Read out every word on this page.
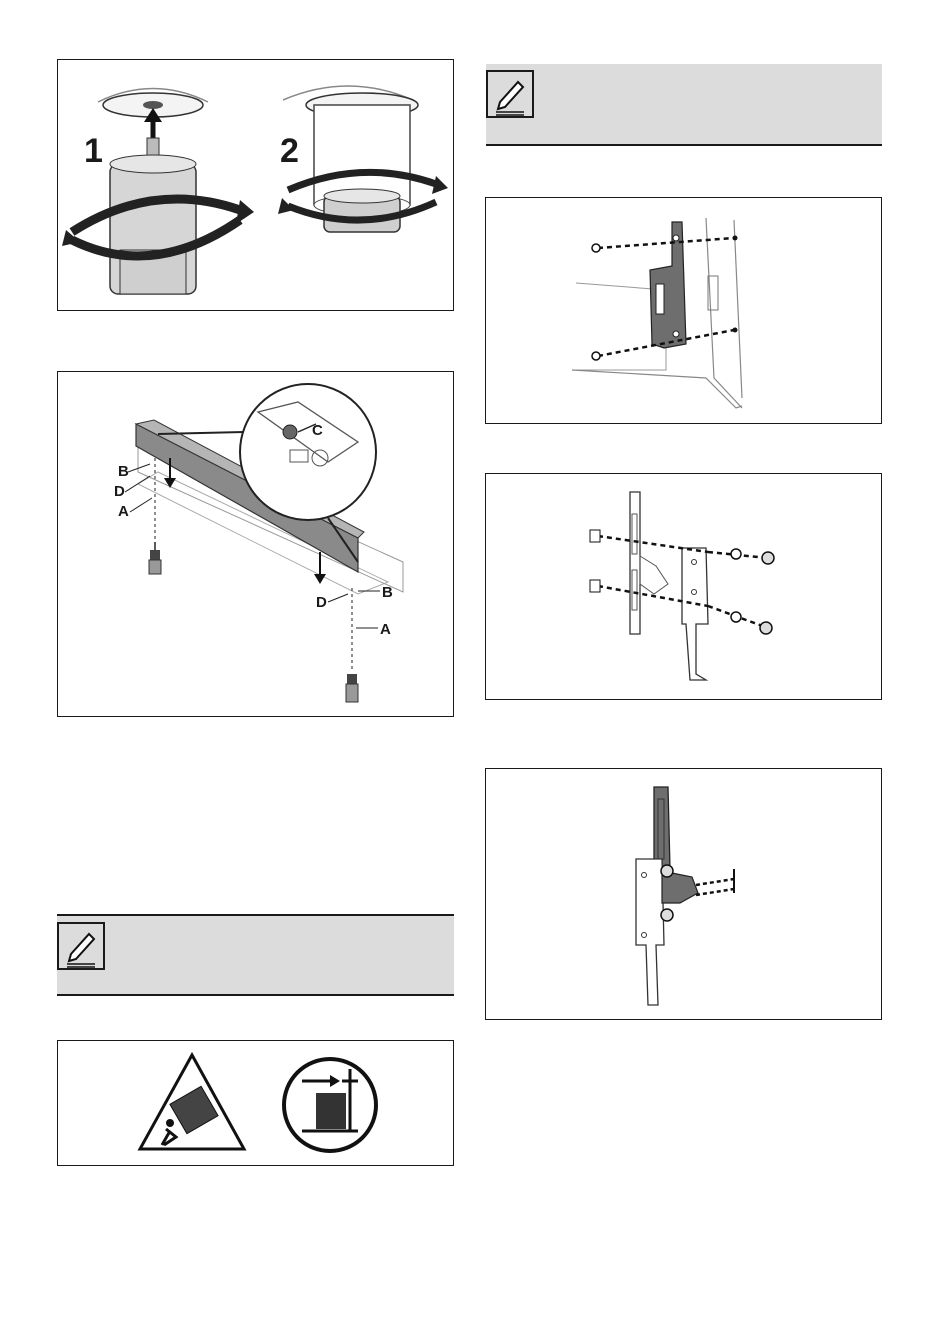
1	2
B
D
A
C
B
D
A
